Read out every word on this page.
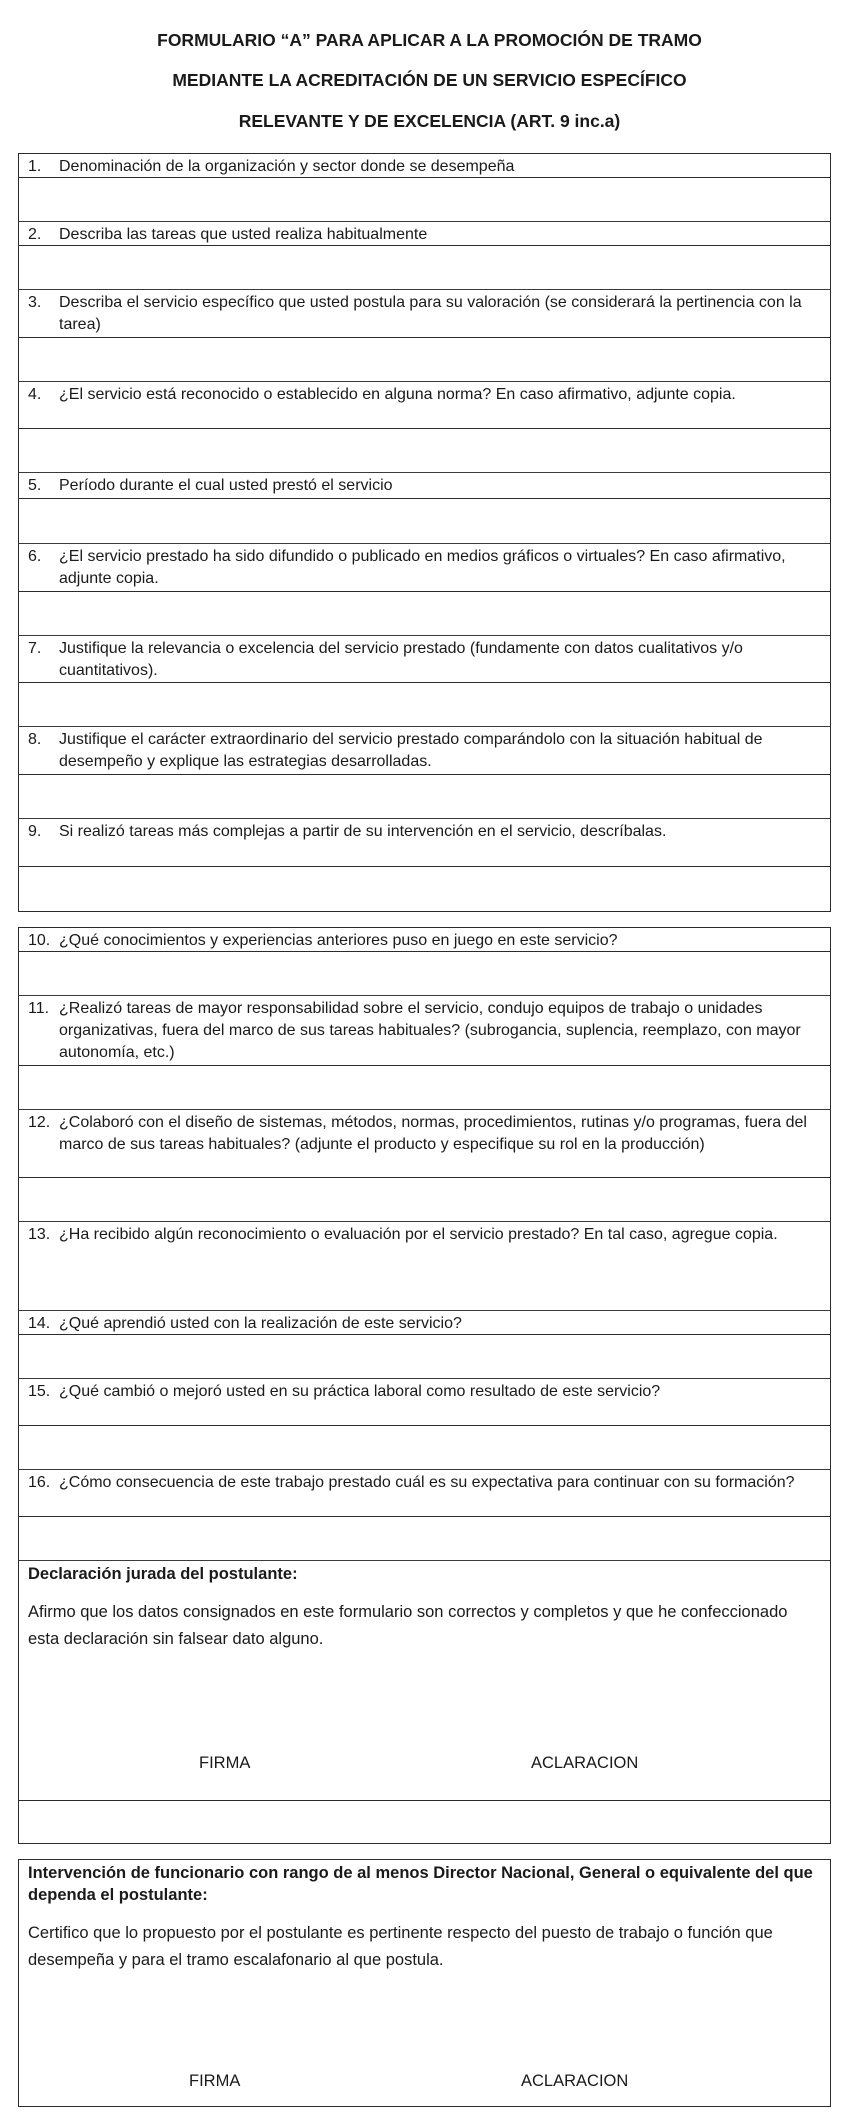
FORMULARIO “A” PARA APLICAR A LA PROMOCIÓN DE TRAMO
MEDIANTE LA ACREDITACIÓN DE UN SERVICIO ESPECÍFICO
RELEVANTE Y DE EXCELENCIA (ART. 9 inc.a)
1. Denominación de la organización y sector donde se desempeña
2. Describa las tareas que usted realiza habitualmente
3. Describa el servicio específico que usted postula para su valoración (se considerará la pertinencia con la tarea)
4. ¿El servicio está reconocido o establecido en alguna norma? En caso afirmativo, adjunte copia.
5. Período durante el cual usted prestó el servicio
6. ¿El servicio prestado ha sido difundido o publicado en medios gráficos o virtuales? En caso afirmativo, adjunte copia.
7. Justifique la relevancia o excelencia del servicio prestado (fundamente con datos cualitativos y/o cuantitativos).
8. Justifique el carácter extraordinario del servicio prestado comparándolo con la situación habitual de desempeño y explique las estrategias desarrolladas.
9. Si realizó tareas más complejas a partir de su intervención en el servicio, descríbalas.
10. ¿Qué conocimientos y experiencias anteriores puso en juego en este servicio?
11. ¿Realizó tareas de mayor responsabilidad sobre el servicio, condujo equipos de trabajo o unidades organizativas, fuera del marco de sus tareas habituales? (subrogancia, suplencia, reemplazo, con mayor autonomía, etc.)
12. ¿Colaboró con el diseño de sistemas, métodos, normas, procedimientos, rutinas y/o programas, fuera del marco de sus tareas habituales? (adjunte el producto y especifique su rol en la producción)
13. ¿Ha recibido algún reconocimiento o evaluación por el servicio prestado? En tal caso, agregue copia.
14. ¿Qué aprendió usted con la realización de este servicio?
15. ¿Qué cambió o mejoró usted en su práctica laboral como resultado de este servicio?
16. ¿Cómo consecuencia de este trabajo prestado cuál es su expectativa para continuar con su formación?
Declaración jurada del postulante:
Afirmo que los datos consignados en este formulario son correctos y completos y que he confeccionado esta declaración sin falsear dato alguno.
FIRMA	ACLARACION
Intervención de funcionario con rango de al menos Director Nacional, General o equivalente del que dependa el postulante:
Certifico que lo propuesto por el postulante es pertinente respecto del puesto de trabajo o función que desempeña y para el tramo escalafonario al que postula.
FIRMA	ACLARACION
